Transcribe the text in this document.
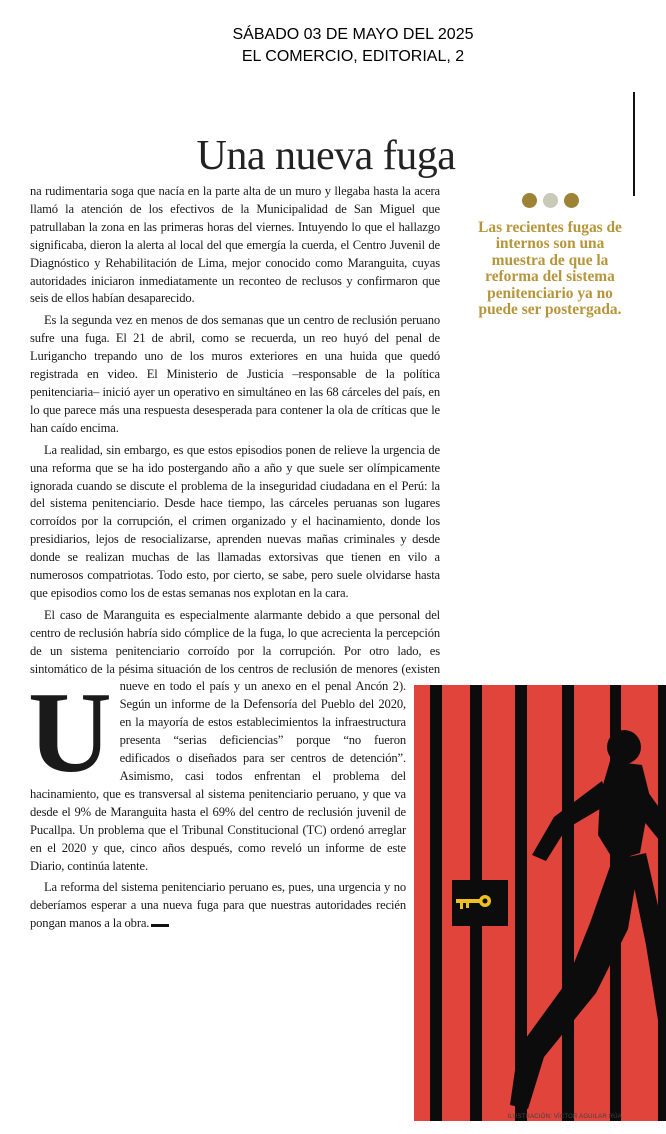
SÁBADO 03 DE MAYO DEL 2025
EL COMERCIO, EDITORIAL, 2
Una nueva fuga
Las recientes fugas de internos son una muestra de que la reforma del sistema penitenciario ya no puede ser postergada.

U
na rudimentaria soga que nacía en la parte alta de un muro y llegaba hasta la acera llamó la atención de los efectivos de la Municipalidad de San Miguel que patrullaban la zona en las primeras horas del viernes. Intuyendo lo que el hallazgo significaba, dieron la alerta al local del que emergía la cuerda, el Centro Juvenil de Diagnóstico y Rehabilitación de Lima, mejor conocido como Maranguita, cuyas autoridades iniciaron inmediatamente un reconteo de reclusos y confirmaron que seis de ellos habían desaparecido.

Es la segunda vez en menos de dos semanas que un centro de reclusión peruano sufre una fuga. El 21 de abril, como se recuerda, un reo huyó del penal de Lurigancho trepando uno de los muros exteriores en una huida que quedó registrada en video. El Ministerio de Justicia –responsable de la política penitenciaria– inició ayer un operativo en simultáneo en las 68 cárceles del país, en lo que parece más una respuesta desesperada para contener la ola de críticas que le han caído encima.

La realidad, sin embargo, es que estos episodios ponen de relieve la urgencia de una reforma que se ha ido postergando año a año y que suele ser olímpicamente ignorada cuando se discute el problema de la inseguridad ciudadana en el Perú: la del sistema penitenciario. Desde hace tiempo, las cárceles peruanas son lugares corroídos por la corrupción, el crimen organizado y el hacinamiento, donde los presidiarios, lejos de resocializarse, aprenden nuevas mañas criminales y desde donde se realizan muchas de las llamadas extorsivas que tienen en vilo a numerosos compatriotas. Todo esto, por cierto, se sabe, pero suele olvidarse hasta que episodios como los de estas semanas nos explotan en la cara.

El caso de Maranguita es especialmente alarmante debido a que personal del centro de reclusión habría sido cómplice de la fuga, lo que acrecienta la percepción de un sistema penitenciario corroído por la corrupción. Por otro lado, es sintomático de la pésima situación de los centros de reclusión de menores (existen nueve en todo el país y un anexo en el penal Ancón 2). Según un informe de la Defensoría del Pueblo del 2020, en la mayoría de estos establecimientos la infraestructura presenta “serias deficiencias” porque “no fueron edificados o diseñados para ser centros de detención”. Asimismo, casi todos enfrentan el problema del hacinamiento, que es transversal al sistema penitenciario peruano, y que va desde el 9% de Maranguita hasta el 69% del centro de reclusión juvenil de Pucallpa. Un problema que el Tribunal Constitucional (TC) ordenó arreglar en el 2020 y que, cinco años después, como reveló un informe de este Diario, continúa latente.

La reforma del sistema penitenciario peruano es, pues, una urgencia y no deberíamos esperar a una nueva fuga para que nuestras autoridades recién pongan manos a la obra.

ILUSTRACIÓN: VÍCTOR AGUILAR RÚA
